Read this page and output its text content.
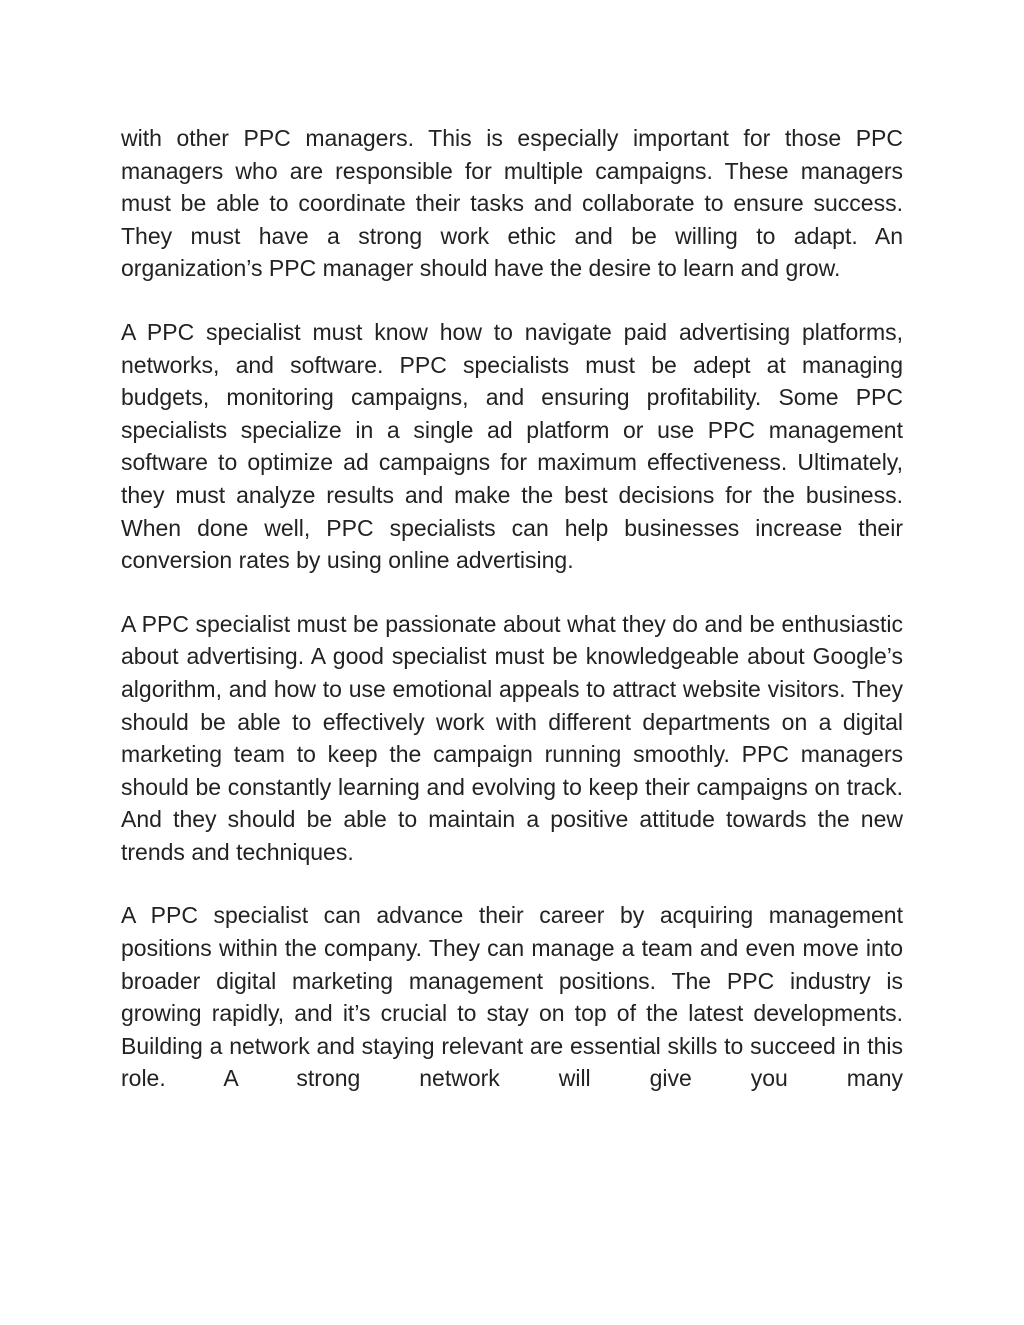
with other PPC managers. This is especially important for those PPC managers who are responsible for multiple campaigns. These managers must be able to coordinate their tasks and collaborate to ensure success. They must have a strong work ethic and be willing to adapt. An organization’s PPC manager should have the desire to learn and grow.

A PPC specialist must know how to navigate paid advertising platforms, networks, and software. PPC specialists must be adept at managing budgets, monitoring campaigns, and ensuring profitability. Some PPC specialists specialize in a single ad platform or use PPC management software to optimize ad campaigns for maximum effectiveness. Ultimately, they must analyze results and make the best decisions for the business. When done well, PPC specialists can help businesses increase their conversion rates by using online advertising.

A PPC specialist must be passionate about what they do and be enthusiastic about advertising. A good specialist must be knowledgeable about Google’s algorithm, and how to use emotional appeals to attract website visitors. They should be able to effectively work with different departments on a digital marketing team to keep the campaign running smoothly. PPC managers should be constantly learning and evolving to keep their campaigns on track. And they should be able to maintain a positive attitude towards the new trends and techniques.

A PPC specialist can advance their career by acquiring management positions within the company. They can manage a team and even move into broader digital marketing management positions. The PPC industry is growing rapidly, and it’s crucial to stay on top of the latest developments. Building a network and staying relevant are essential skills to succeed in this role. A strong network will give you many
